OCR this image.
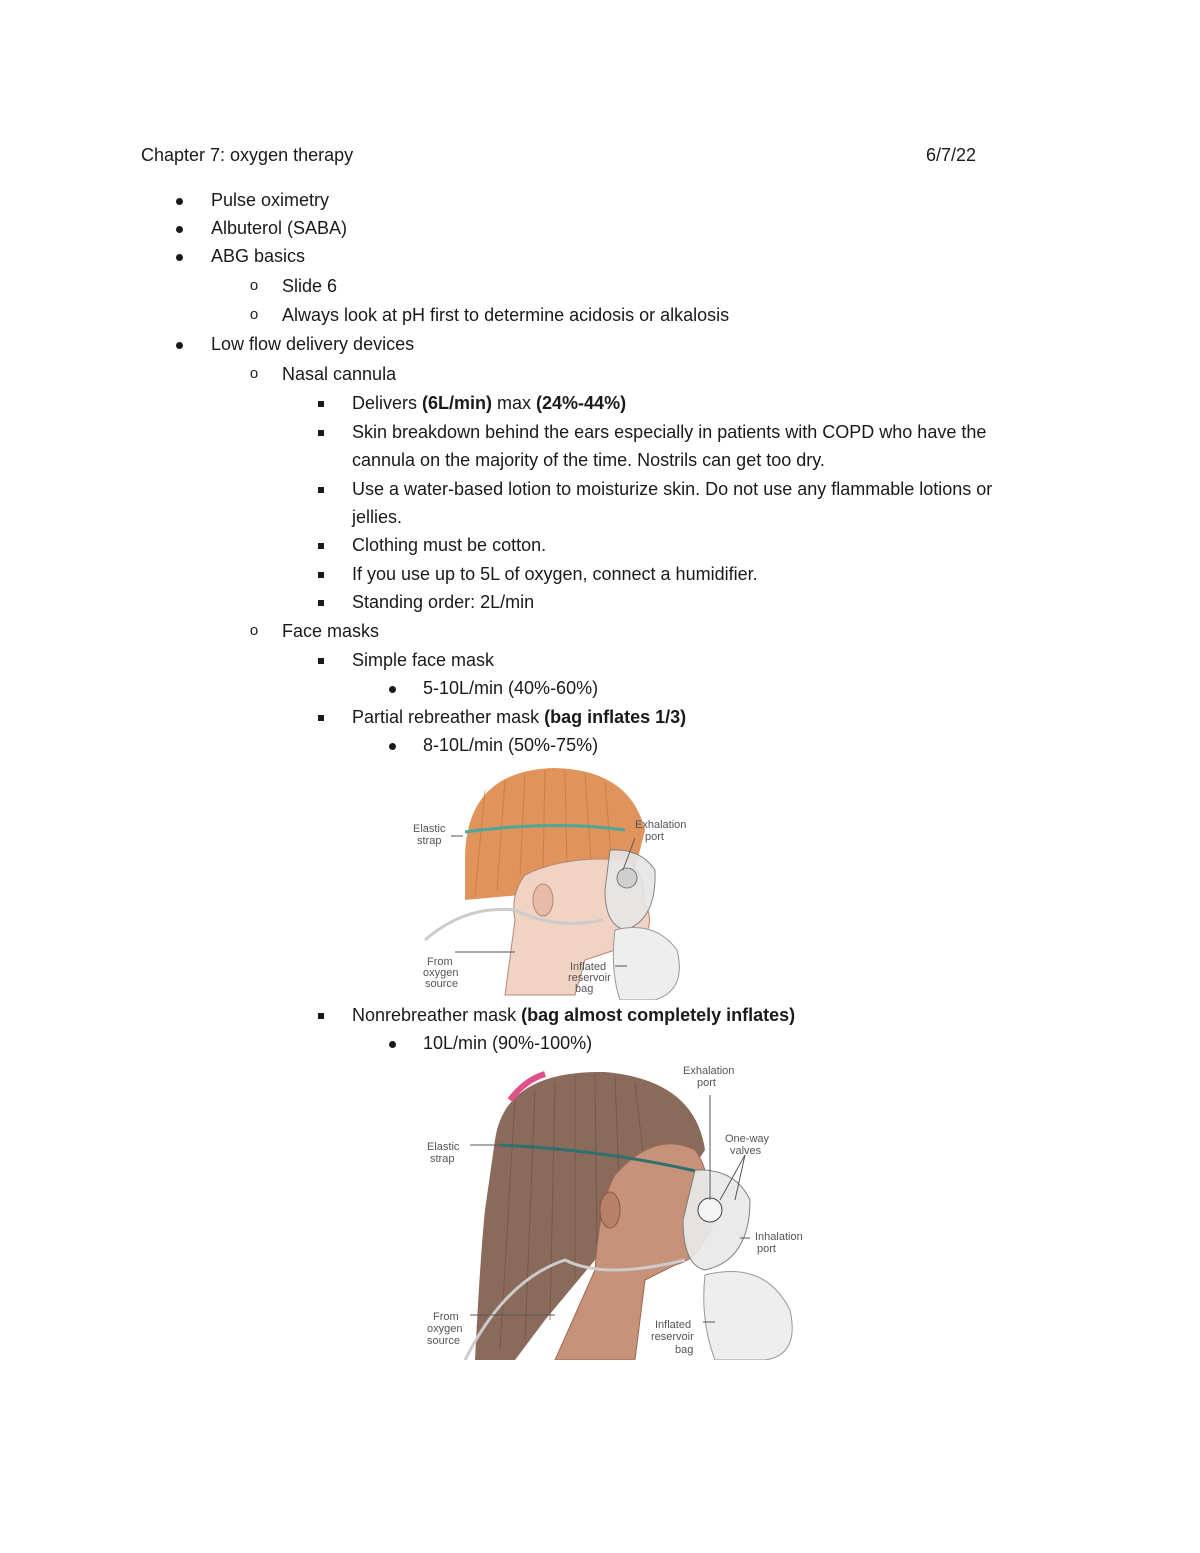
Chapter 7: oxygen therapy	6/7/22
Pulse oximetry
Albuterol (SABA)
ABG basics
o	Slide 6
o	Always look at pH first to determine acidosis or alkalosis
Low flow delivery devices
o	Nasal cannula
Delivers (6L/min) max (24%-44%)
Skin breakdown behind the ears especially in patients with COPD who have the
cannula on the majority of the time. Nostrils can get too dry.
Use a water-based lotion to moisturize skin. Do not use any flammable lotions or
jellies.
Clothing must be cotton.
If you use up to 5L of oxygen, connect a humidifier.
Standing order: 2L/min
o	Face masks
Simple face mask
5-10L/min (40%-60%)
Partial rebreather mask (bag inflates 1/3)
8-10L/min (50%-75%)
Elastic
strap
Exhalation
port
From
oxygen
source
Inflated
reservoir
bag
Nonrebreather mask (bag almost completely inflates)
10L/min (90%-100%)
Exhalation
port
One-way
valves
Elastic
strap
Inhalation
port
From
oxygen
source
Inflated
reservoir
bag
